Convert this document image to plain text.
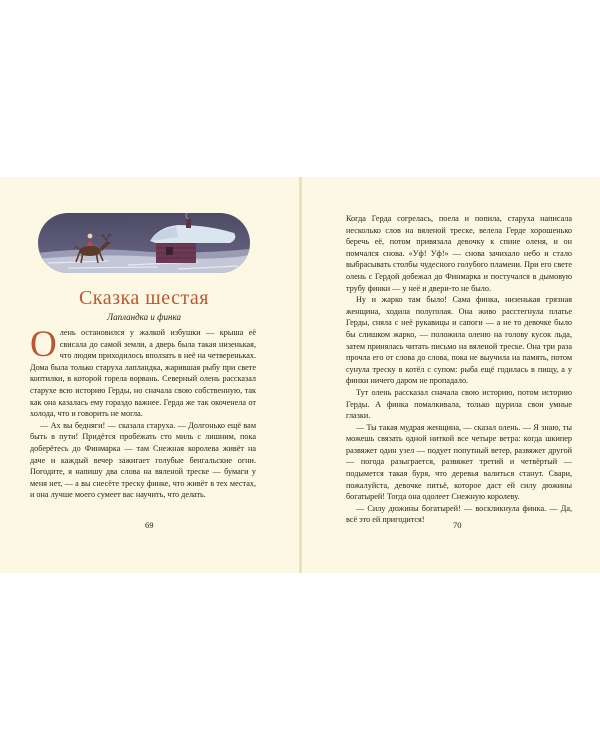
Сказка шестая
Лапландка и финка

Олень остановился у жалкой избушки — крыша её свисала до самой земли, а дверь была такая низенькая, что людям приходилось вползать в неё на четвереньках. Дома была только старуха лапландка, жарившая рыбу при свете коптилки, в которой горела ворвань. Северный олень рассказал старухе всю историю Герды, но сначала свою собственную, так как она казалась ему гораздо важнее. Герда же так окоченела от холода, что и говорить не могла.

— Ах вы бедняги! — сказала старуха. — Долгонько ещё вам быть в пути! Придётся пробежать сто миль с лишним, пока доберётесь до Финмарка — там Снежная королева живёт на даче и каждый вечер зажигает голубые бенгальские огни. Погодите, я напишу два слова на вяленой треске — бумаги у меня нет, — а вы снесёте треску финке, что живёт в тех местах, и она лучше моего сумеет вас научить, что делать.

69

Когда Герда согрелась, поела и попила, старуха написала несколько слов на вяленой треске, велела Герде хорошенько беречь её, потом привязала девочку к спине оленя, и он помчался снова. «Уф! Уф!» — снова зачихало небо и стало выбрасывать столбы чудесного голубого пламени. При его свете олень с Гердой добежал до Финмарка и постучался в дымовую трубу финки — у неё и двери-то не было.

Ну и жарко там было! Сама финка, низенькая грязная женщина, ходила полуголая. Она живо расстегнула платье Герды, сняла с неё рукавицы и сапоги — а не то девочке было бы слишком жарко, — положила оленю на голову кусок льда, затем принялась читать письмо на вяленой треске. Она три раза прочла его от слова до слова, пока не выучила на память, потом сунула треску в котёл с супом: рыба ещё годилась в пищу, а у финки ничего даром не пропадало.

Тут олень рассказал сначала свою историю, потом историю Герды. А финка помалкивала, только щурила свои умные глазки.

— Ты такая мудрая женщина, — сказал олень. — Я знаю, ты можешь связать одной ниткой все четыре ветра: когда шкипер развяжет один узел — подует попутный ветер, развяжет другой — погода разыграется, развяжет третий и четвёртый — подымется такая буря, что деревья валиться станут. Свари, пожалуйста, девочке питьё, которое даст ей силу дюжины богатырей! Тогда она одолеет Снежную королеву.

— Силу дюжины богатырей! — воскликнула финка. — Да, всё это ей пригодится!

70
